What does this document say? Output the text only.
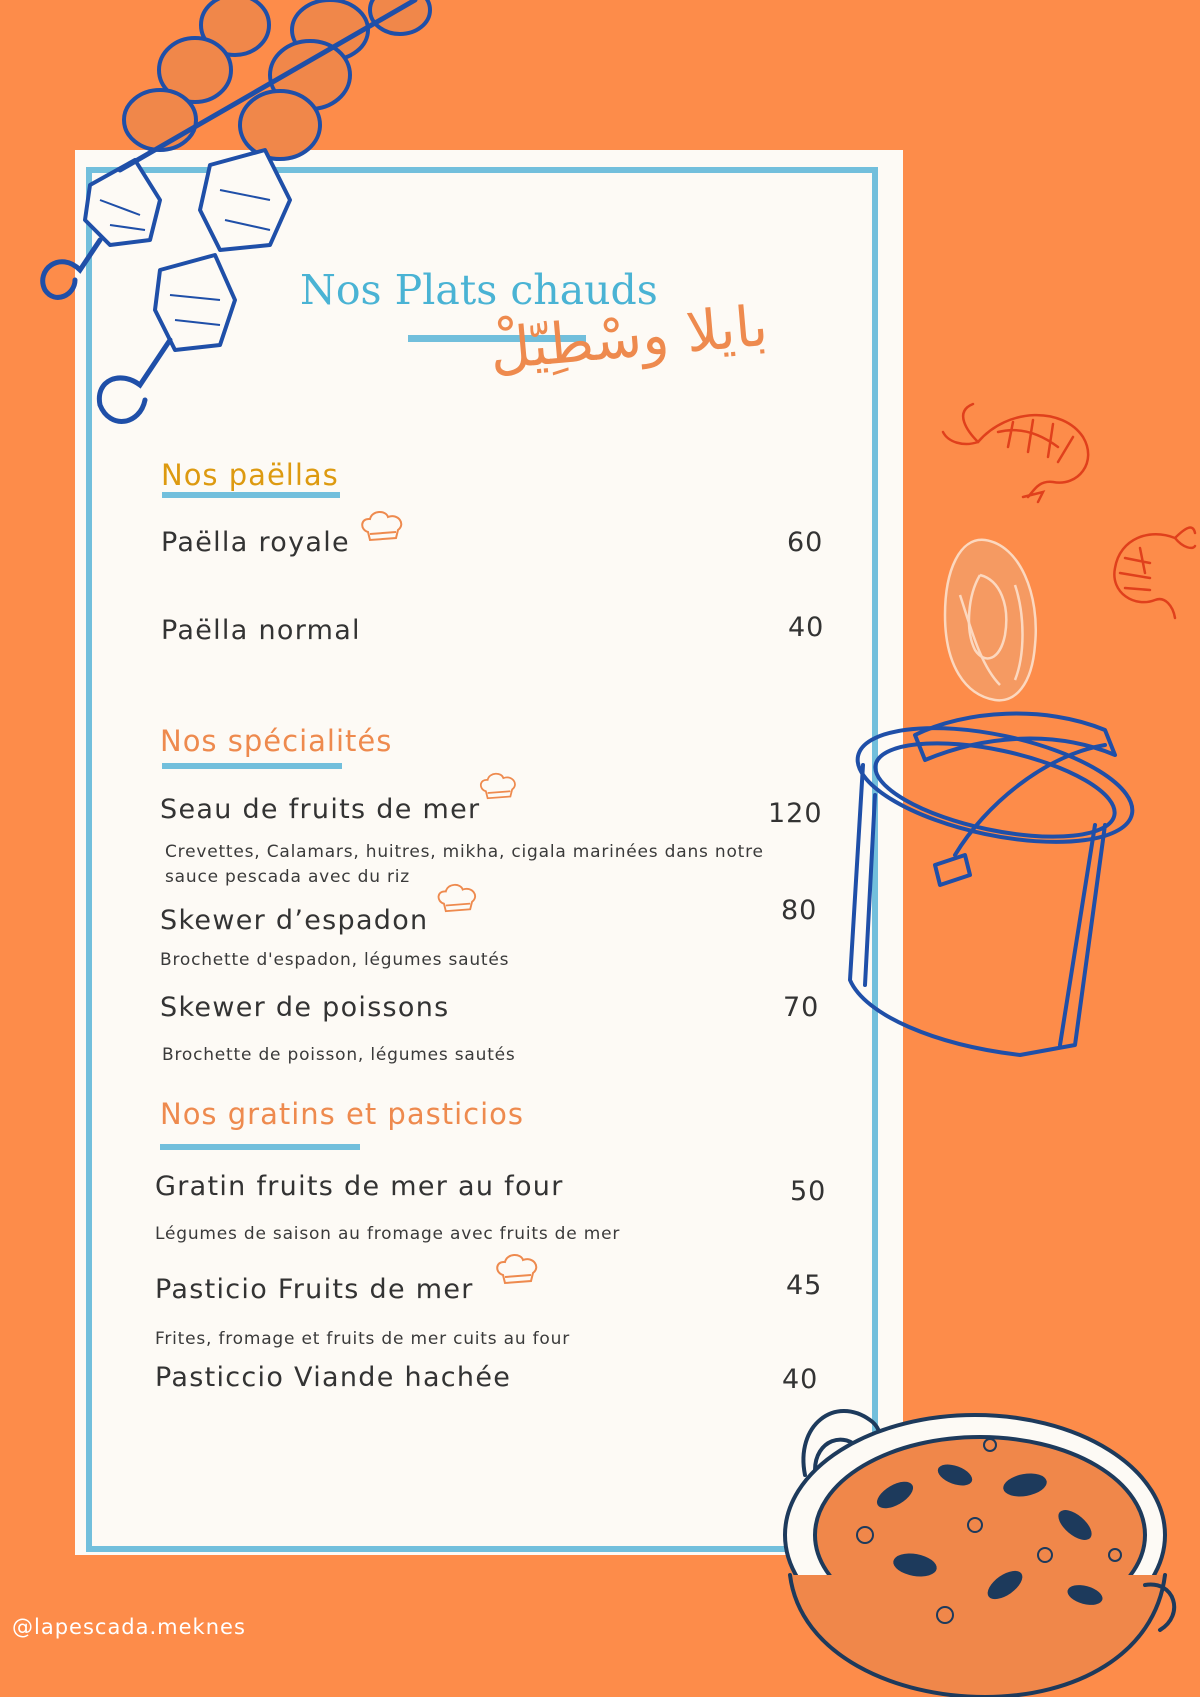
Nos Plats chauds
بايلا وسْطِيّلْ
Nos paëllas
Paëlla royale	60
Paëlla normal	40
Nos spécialités
Seau de fruits de mer	120
Crevettes, Calamars, huitres, mikha, cigala marinées dans notre sauce pescada avec du riz
Skewer d’espadon	80
Brochette d'espadon, légumes sautés
Skewer de poissons	70
Brochette de poisson, légumes sautés
Nos gratins et pasticios
Gratin fruits de mer au four	50
Légumes de saison au fromage avec fruits de mer
Pasticio Fruits de mer	45
Frites, fromage et fruits de mer cuits au four
Pasticcio Viande hachée	40
@lapescada.meknes
